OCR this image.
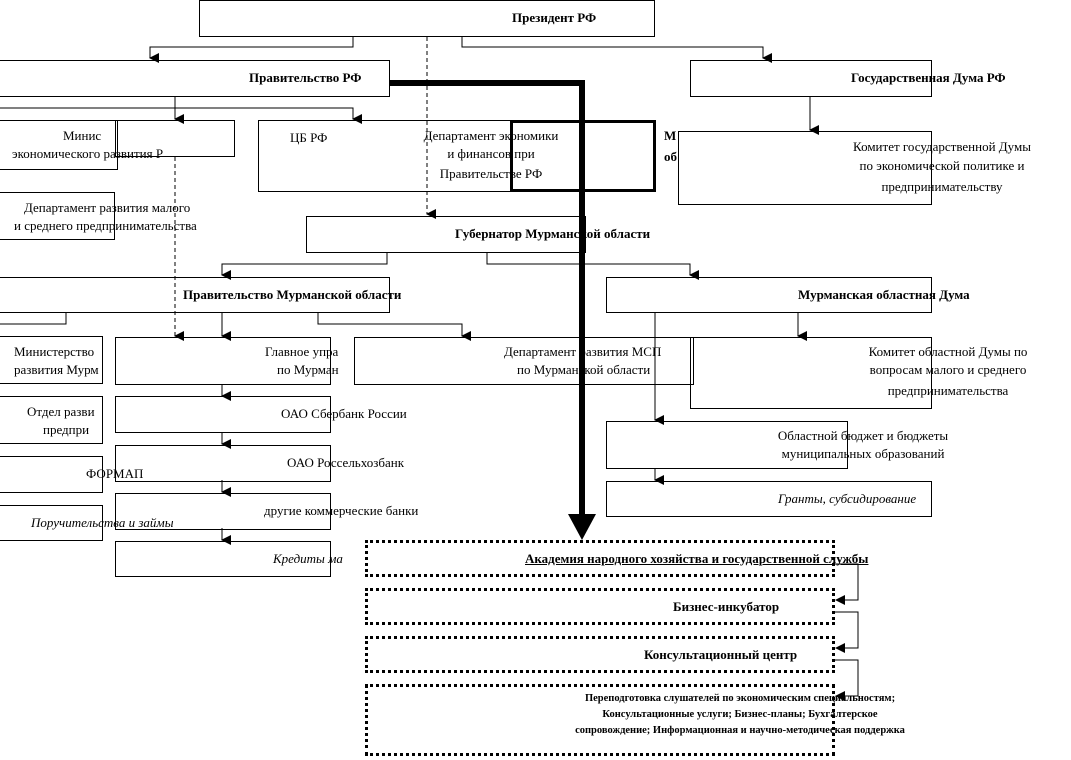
Президент РФ
Правительство РФ	Государственная Дума РФ
Минис
экономического развития Р
ЦБ РФ	Департамент экономики
и финансов при
Правительстве РФ
М
об
Комитет государственной Думы
по экономической политике и
предпринимательству
Департамент развития малого
и среднего предпринимательства
Губернатор Мурманской области
Правительство Мурманской области	Мурманская областная Дума
Министерство
развития Мурм
Главное упра
по Мурман
Департамент развития МСП
по Мурманской области
Комитет областной Думы по
вопросам малого и среднего
предпринимательства
Отдел разви
предпри
ОАО Сбербанк России
Областной бюджет и бюджеты
муниципальных образований
ОАО Россельхозбанк
ФОРМАП
Гранты, субсидирование
другие коммерческие банки
Поручительства и займы
Кредиты ма	Академия народного хозяйства и государственной службы
Бизнес-инкубатор
Консультационный центр
Переподготовка слушателей по экономическим специальностям;
Консультационные услуги; Бизнес-планы; Бухгалтерское
сопровождение; Информационная и научно-методическая поддержка
